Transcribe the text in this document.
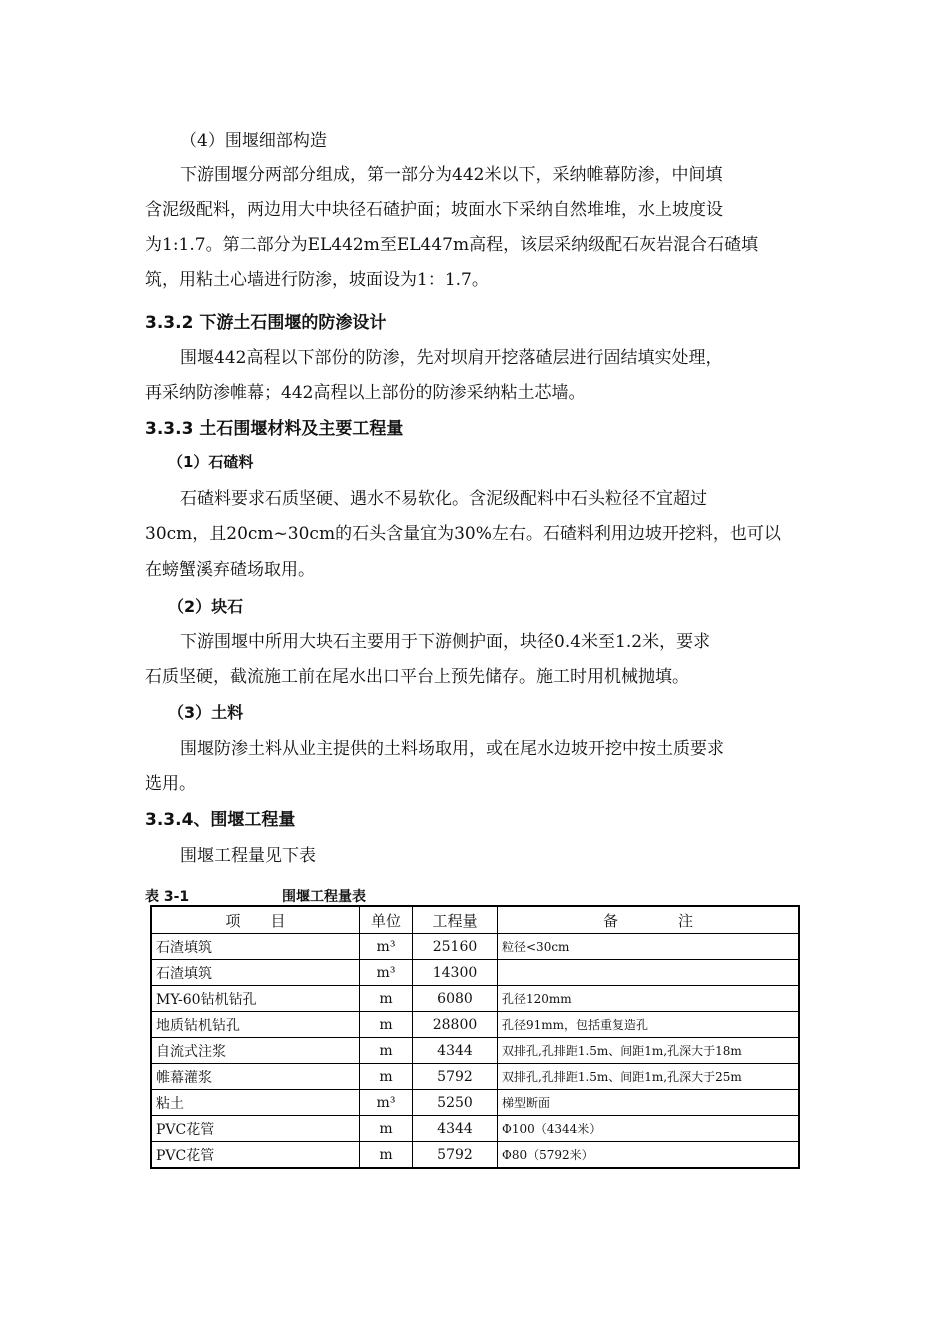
（4）围堰细部构造
下游围堰分两部分组成，第一部分为442米以下，采纳帷幕防渗，中间填
含泥级配料，两边用大中块径石碴护面；坡面水下采纳自然堆堆，水上坡度设
为1:1.7。第二部分为EL442m至EL447m高程，该层采纳级配石灰岩混合石碴填
筑，用粘土心墙进行防渗，坡面设为1：1.7。
3.3.2 下游土石围堰的防渗设计
围堰442高程以下部份的防渗，先对坝肩开挖落碴层进行固结填实处理，
再采纳防渗帷幕；442高程以上部份的防渗采纳粘土芯墙。
3.3.3 土石围堰材料及主要工程量
（1）石碴料
石碴料要求石质坚硬、遇水不易软化。含泥级配料中石头粒径不宜超过
30cm，且20cm~30cm的石头含量宜为30%左右。石碴料利用边坡开挖料，也可以
在螃蟹溪弃碴场取用。
（2）块石
下游围堰中所用大块石主要用于下游侧护面，块径0.4米至1.2米，要求
石质坚硬，截流施工前在尾水出口平台上预先储存。施工时用机械抛填。
（3）土料
围堰防渗土料从业主提供的土料场取用，或在尾水边坡开挖中按土质要求
选用。
3.3.4、围堰工程量
围堰工程量见下表
表 3-1	围堰工程量表
项　　目	单位	工程量	备　　　　注
石渣填筑	m³	25160	粒径<30cm
石渣填筑	m³	14300	
MY-60钻机钻孔	m	6080	孔径120mm
地质钻机钻孔	m	28800	孔径91mm，包括重复造孔
自流式注浆	m	4344	双排孔,孔排距1.5m、间距1m,孔深大于18m
帷幕灌浆	m	5792	双排孔,孔排距1.5m、间距1m,孔深大于25m
粘土	m³	5250	梯型断面
PVC花管	m	4344	Φ100（4344米）
PVC花管	m	5792	Φ80（5792米）
